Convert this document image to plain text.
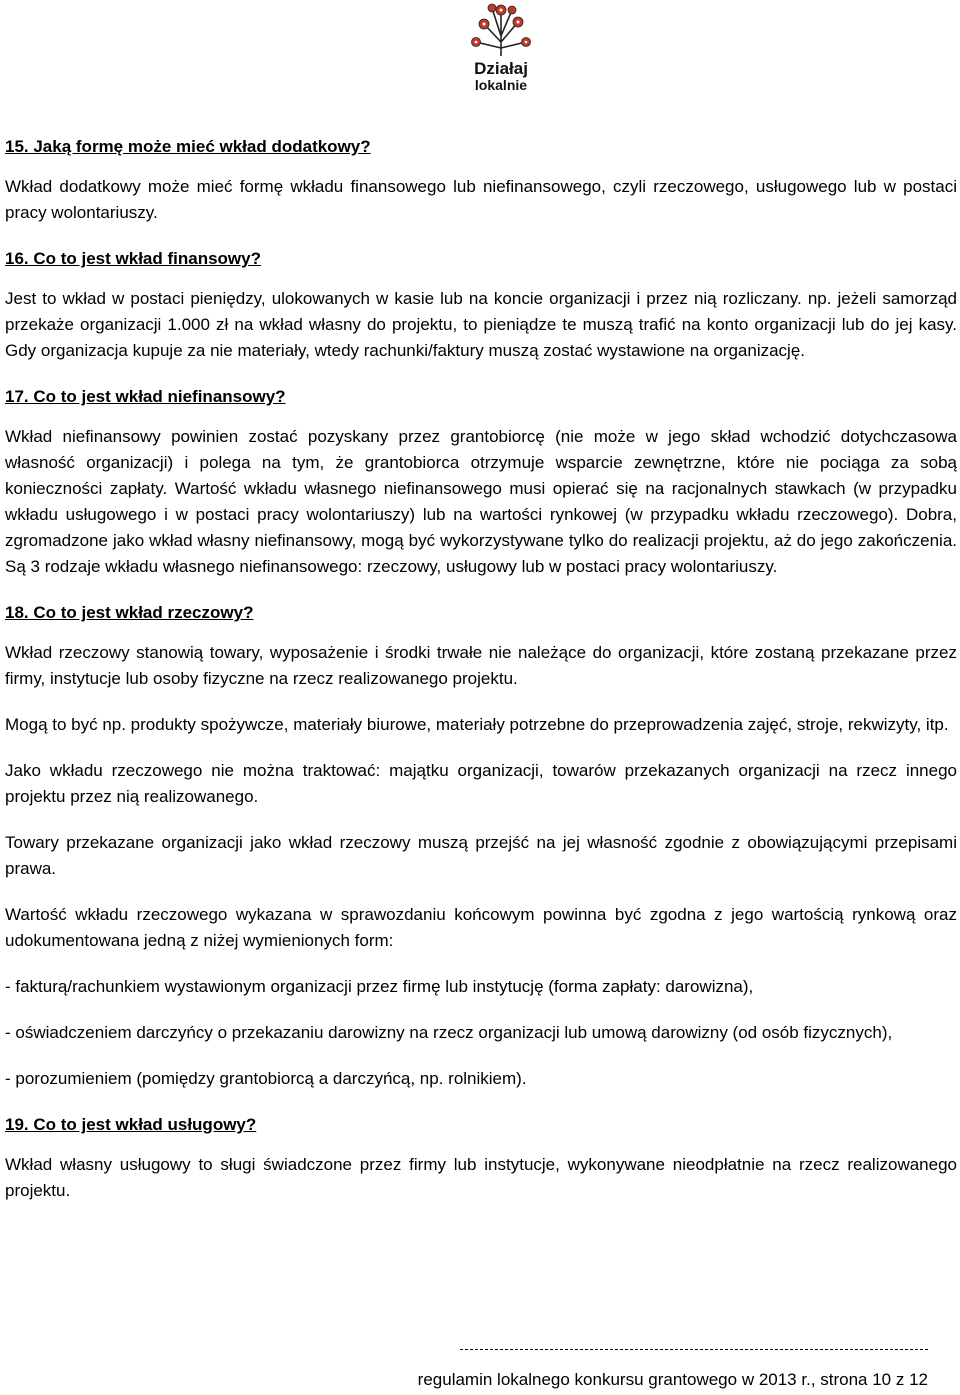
Działaj
lokalnie
15. Jaką formę może mieć wkład dodatkowy?

Wkład dodatkowy może mieć formę wkładu finansowego lub niefinansowego, czyli rzeczowego, usługowego lub w postaci pracy wolontariuszy.

16. Co to jest wkład finansowy?

Jest to wkład w postaci pieniędzy, ulokowanych w kasie lub na koncie organizacji i przez nią rozliczany. np. jeżeli samorząd przekaże organizacji 1.000 zł na wkład własny do projektu, to pieniądze te muszą trafić na konto organizacji lub do jej kasy. Gdy organizacja kupuje za nie materiały, wtedy rachunki/faktury muszą zostać wystawione na organizację.

17. Co to jest wkład niefinansowy?

Wkład niefinansowy powinien zostać pozyskany przez grantobiorcę (nie może w jego skład wchodzić dotychczasowa własność organizacji) i polega na tym, że grantobiorca otrzymuje wsparcie zewnętrzne, które nie pociąga za sobą konieczności zapłaty. Wartość wkładu własnego niefinansowego musi opierać się na racjonalnych stawkach (w przypadku wkładu usługowego i w postaci pracy wolontariuszy) lub na wartości rynkowej (w przypadku wkładu rzeczowego). Dobra, zgromadzone jako wkład własny niefinansowy, mogą być wykorzystywane tylko do realizacji projektu, aż do jego zakończenia. Są 3 rodzaje wkładu własnego niefinansowego: rzeczowy, usługowy lub w postaci pracy wolontariuszy.

18. Co to jest wkład rzeczowy?

Wkład rzeczowy stanowią towary, wyposażenie i środki trwałe nie należące do organizacji, które zostaną przekazane przez firmy, instytucje lub osoby fizyczne na rzecz realizowanego projektu.

Mogą to być np. produkty spożywcze, materiały biurowe, materiały potrzebne do przeprowadzenia zajęć, stroje, rekwizyty, itp.

Jako wkładu rzeczowego nie można traktować: majątku organizacji, towarów przekazanych organizacji na rzecz innego projektu przez nią realizowanego.

Towary przekazane organizacji jako wkład rzeczowy muszą przejść na jej własność zgodnie z obowiązującymi przepisami prawa.

Wartość wkładu rzeczowego wykazana w sprawozdaniu końcowym powinna być zgodna z jego wartością rynkową oraz udokumentowana jedną z niżej wymienionych form:

- fakturą/rachunkiem wystawionym organizacji przez firmę lub instytucję (forma zapłaty: darowizna),

- oświadczeniem darczyńcy o przekazaniu darowizny na rzecz organizacji lub umową darowizny (od osób fizycznych),

- porozumieniem (pomiędzy grantobiorcą a darczyńcą, np. rolnikiem).

19. Co to jest wkład usługowy?

Wkład własny usługowy to sługi świadczone przez firmy lub instytucje, wykonywane nieodpłatnie na rzecz realizowanego projektu.

regulamin lokalnego konkursu grantowego w 2013 r., strona 10 z 12
